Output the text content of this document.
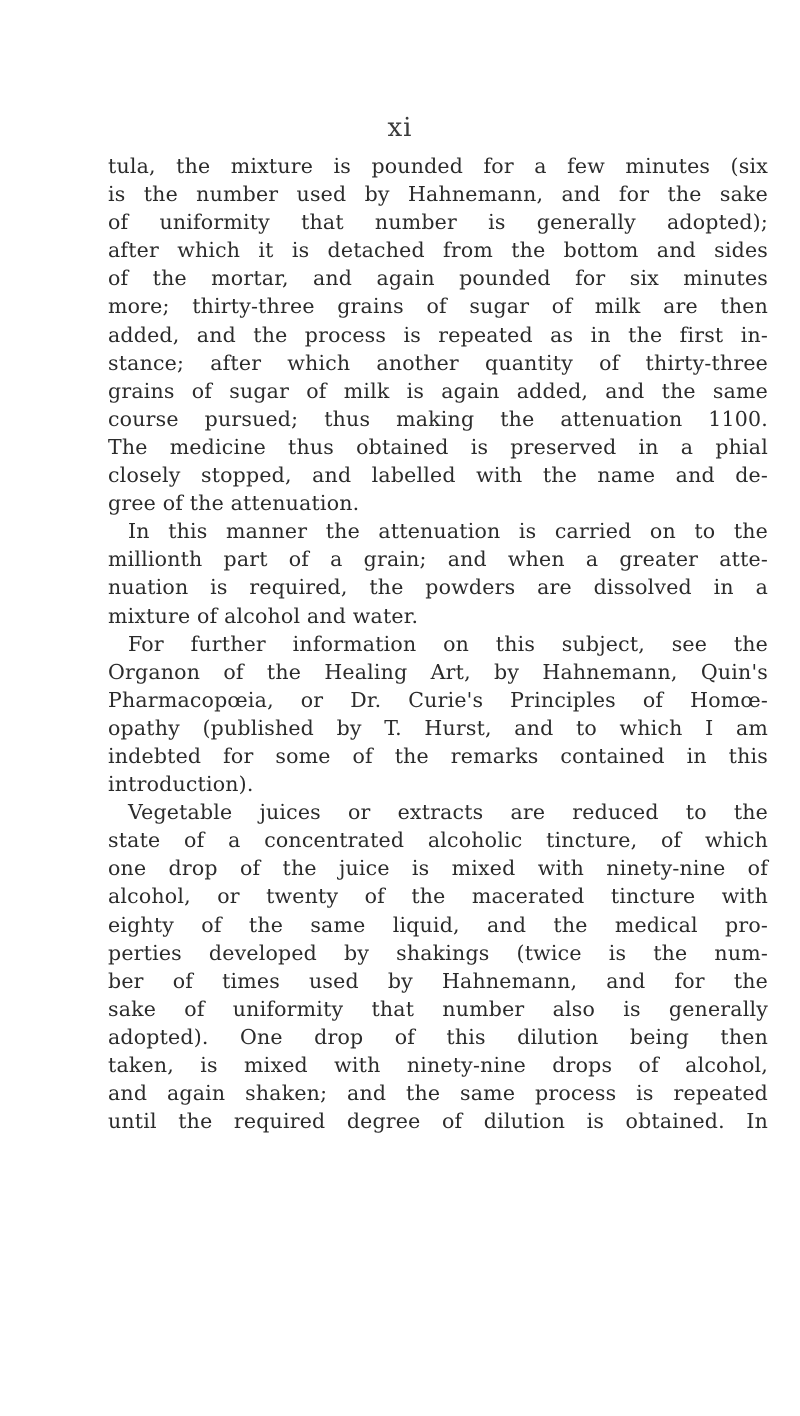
xi
tula, the mixture is pounded for a few minutes (six
is the number used by Hahnemann, and for the sake
of uniformity that number is generally adopted);
after which it is detached from the bottom and sides
of the mortar, and again pounded for six minutes
more; thirty-three grains of sugar of milk are then
added, and the process is repeated as in the first in-
stance; after which another quantity of thirty-three
grains of sugar of milk is again added, and the same
course pursued; thus making the attenuation 1100.
The medicine thus obtained is preserved in a phial
closely stopped, and labelled with the name and de-
gree of the attenuation.
In this manner the attenuation is carried on to the
millionth part of a grain; and when a greater atte-
nuation is required, the powders are dissolved in a
mixture of alcohol and water.
For further information on this subject, see the
Organon of the Healing Art, by Hahnemann, Quin's
Pharmacopœia, or Dr. Curie's Principles of Homœ-
opathy (published by T. Hurst, and to which I am
indebted for some of the remarks contained in this
introduction).
Vegetable juices or extracts are reduced to the
state of a concentrated alcoholic tincture, of which
one drop of the juice is mixed with ninety-nine of
alcohol, or twenty of the macerated tincture with
eighty of the same liquid, and the medical pro-
perties developed by shakings (twice is the num-
ber of times used by Hahnemann, and for the
sake of uniformity that number also is generally
adopted). One drop of this dilution being then
taken, is mixed with ninety-nine drops of alcohol,
and again shaken; and the same process is repeated
until the required degree of dilution is obtained. In
